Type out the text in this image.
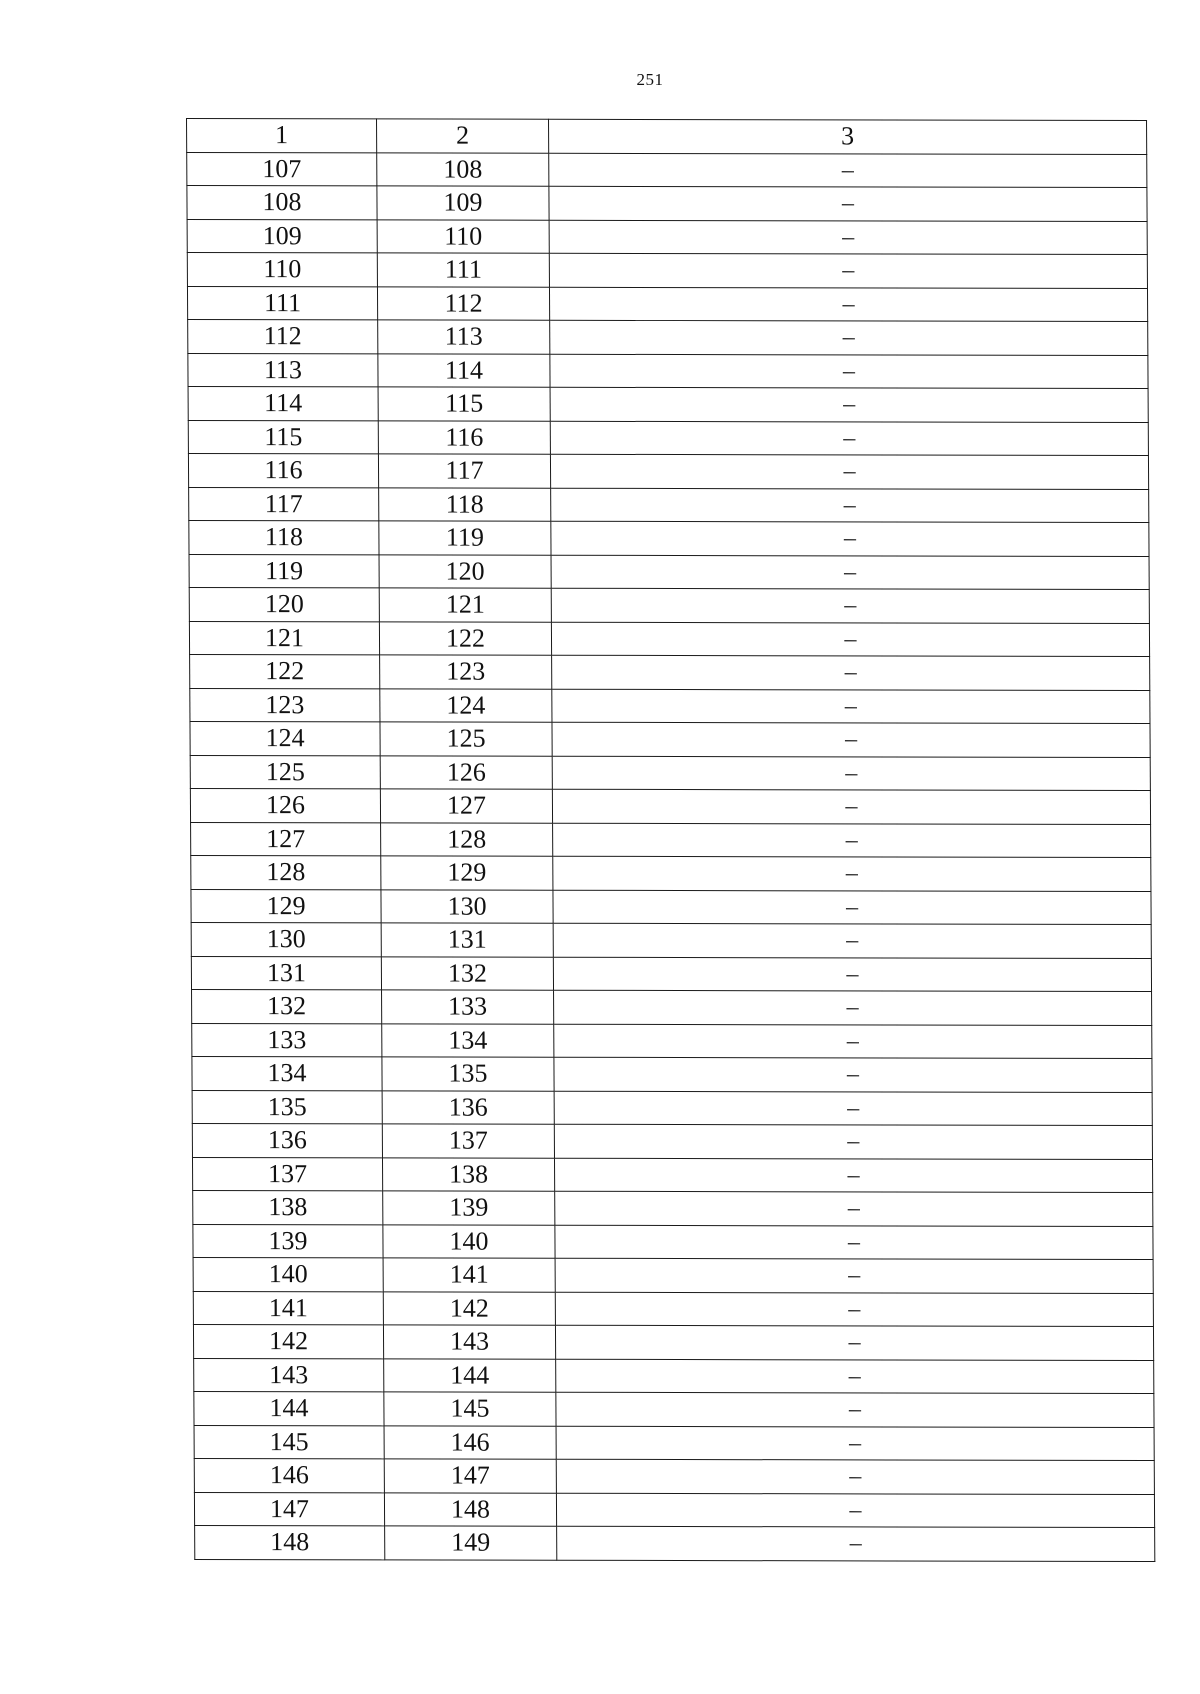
251
1	2	3
107	108	–
108	109	–
109	110	–
110	111	–
111	112	–
112	113	–
113	114	–
114	115	–
115	116	–
116	117	–
117	118	–
118	119	–
119	120	–
120	121	–
121	122	–
122	123	–
123	124	–
124	125	–
125	126	–
126	127	–
127	128	–
128	129	–
129	130	–
130	131	–
131	132	–
132	133	–
133	134	–
134	135	–
135	136	–
136	137	–
137	138	–
138	139	–
139	140	–
140	141	–
141	142	–
142	143	–
143	144	–
144	145	–
145	146	–
146	147	–
147	148	–
148	149	–
